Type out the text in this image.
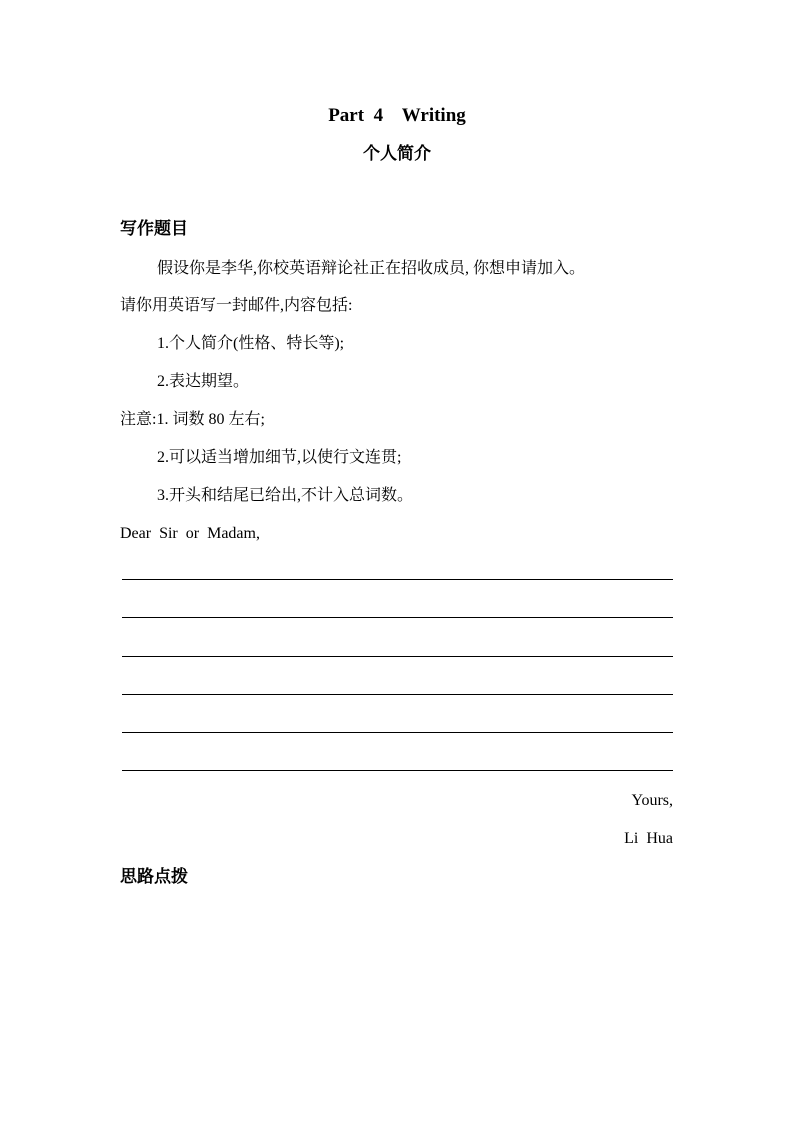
Part  4    Writing
个人简介
写作题目
假设你是李华,你校英语辩论社正在招收成员, 你想申请加入。
请你用英语写一封邮件,内容包括:
1.个人简介(性格、特长等);
2.表达期望。
注意:1. 词数 80 左右;
2.可以适当增加细节,以使行文连贯;
3.开头和结尾已给出,不计入总词数。
Dear  Sir  or  Madam,
Yours,
Li  Hua
思路点拨
